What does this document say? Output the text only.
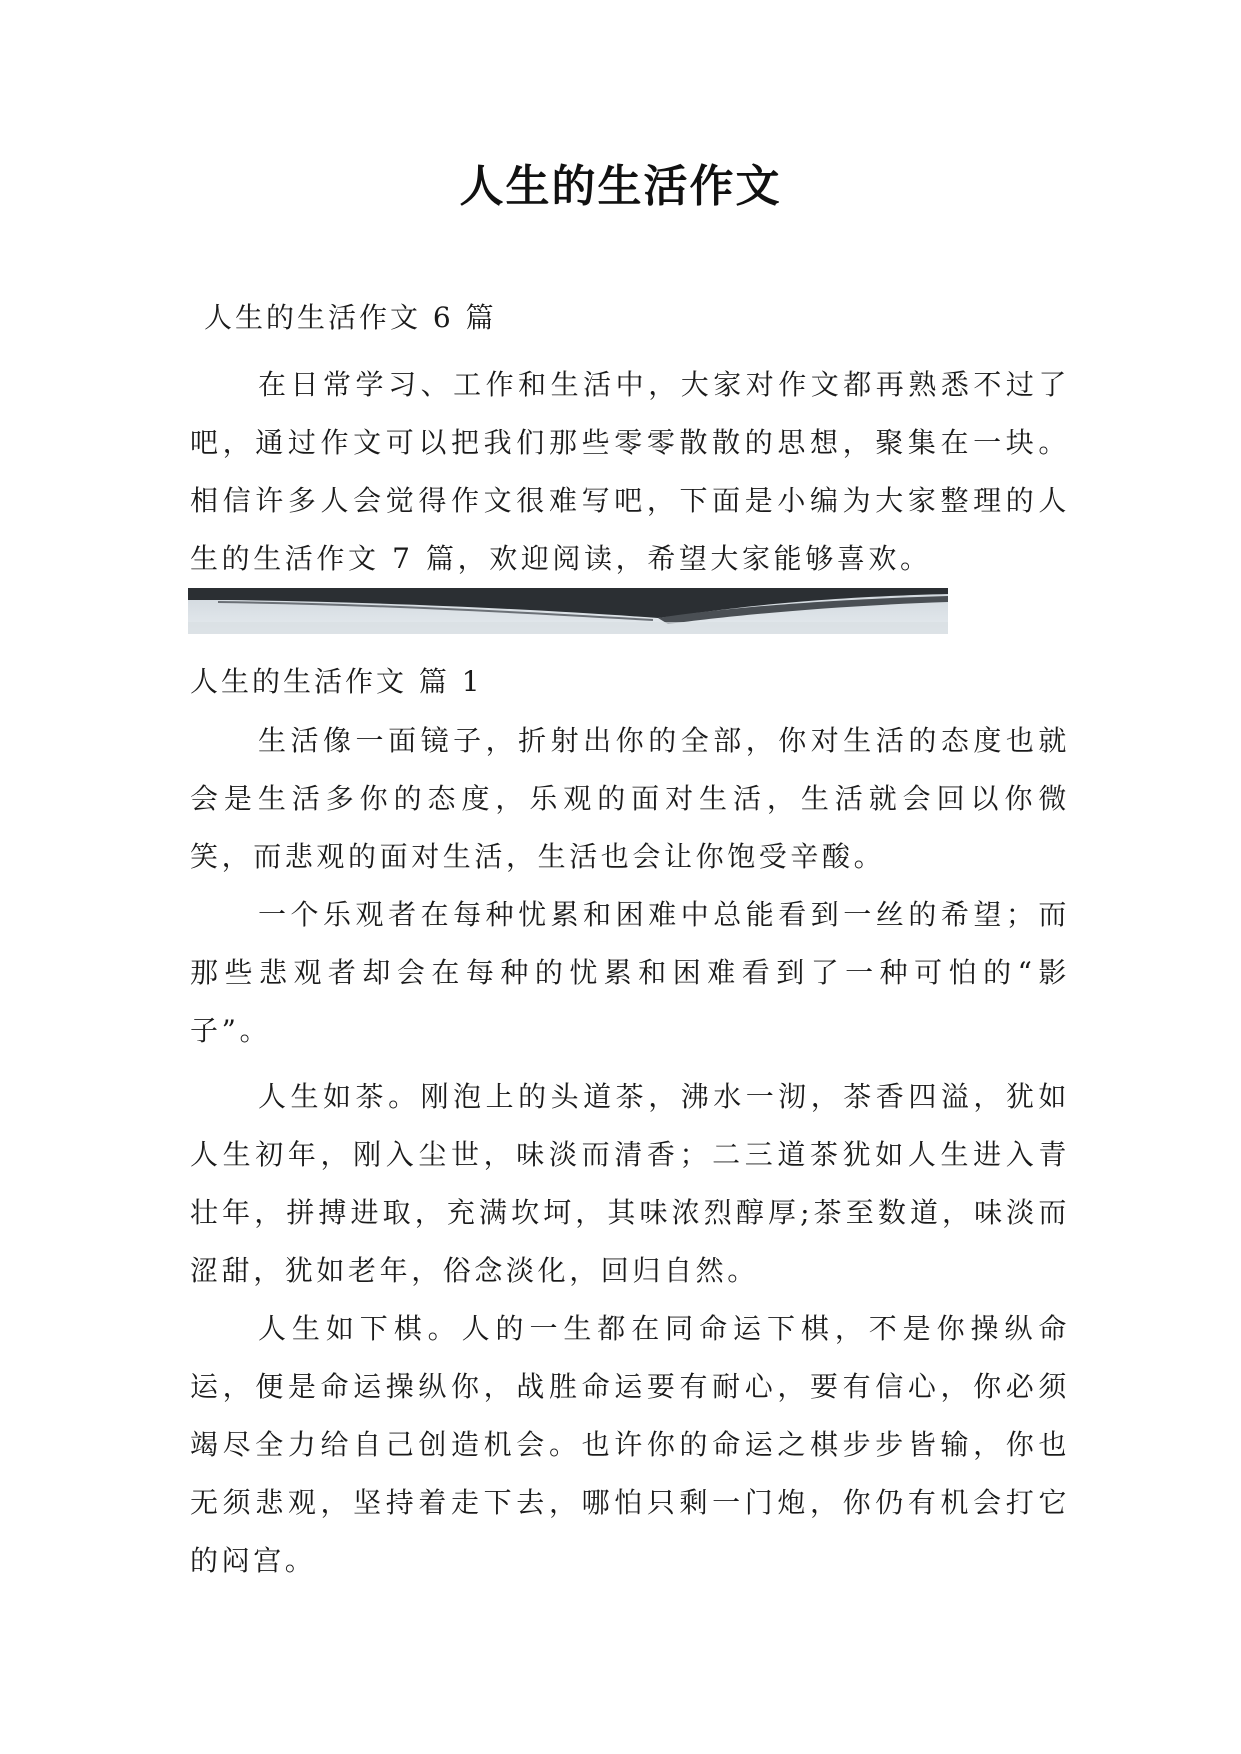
人生的生活作文

人生的生活作文 6 篇

在日常学习、工作和生活中，大家对作文都再熟悉不过了吧，通过作文可以把我们那些零零散散的思想，聚集在一块。相信许多人会觉得作文很难写吧，下面是小编为大家整理的人生的生活作文 7 篇，欢迎阅读，希望大家能够喜欢。

人生的生活作文 篇 1

生活像一面镜子，折射出你的全部，你对生活的态度也就会是生活多你的态度，乐观的面对生活，生活就会回以你微笑，而悲观的面对生活，生活也会让你饱受辛酸。

一个乐观者在每种忧累和困难中总能看到一丝的希望；而那些悲观者却会在每种的忧累和困难看到了一种可怕的“影子”。

人生如茶。刚泡上的头道茶，沸水一沏，茶香四溢，犹如人生初年，刚入尘世，味淡而清香；二三道茶犹如人生进入青壮年，拼搏进取，充满坎坷，其味浓烈醇厚;茶至数道，味淡而涩甜，犹如老年，俗念淡化，回归自然。

人生如下棋。人的一生都在同命运下棋，不是你操纵命运，便是命运操纵你，战胜命运要有耐心，要有信心，你必须竭尽全力给自己创造机会。也许你的命运之棋步步皆输，你也无须悲观，坚持着走下去，哪怕只剩一门炮，你仍有机会打它的闷宫。
